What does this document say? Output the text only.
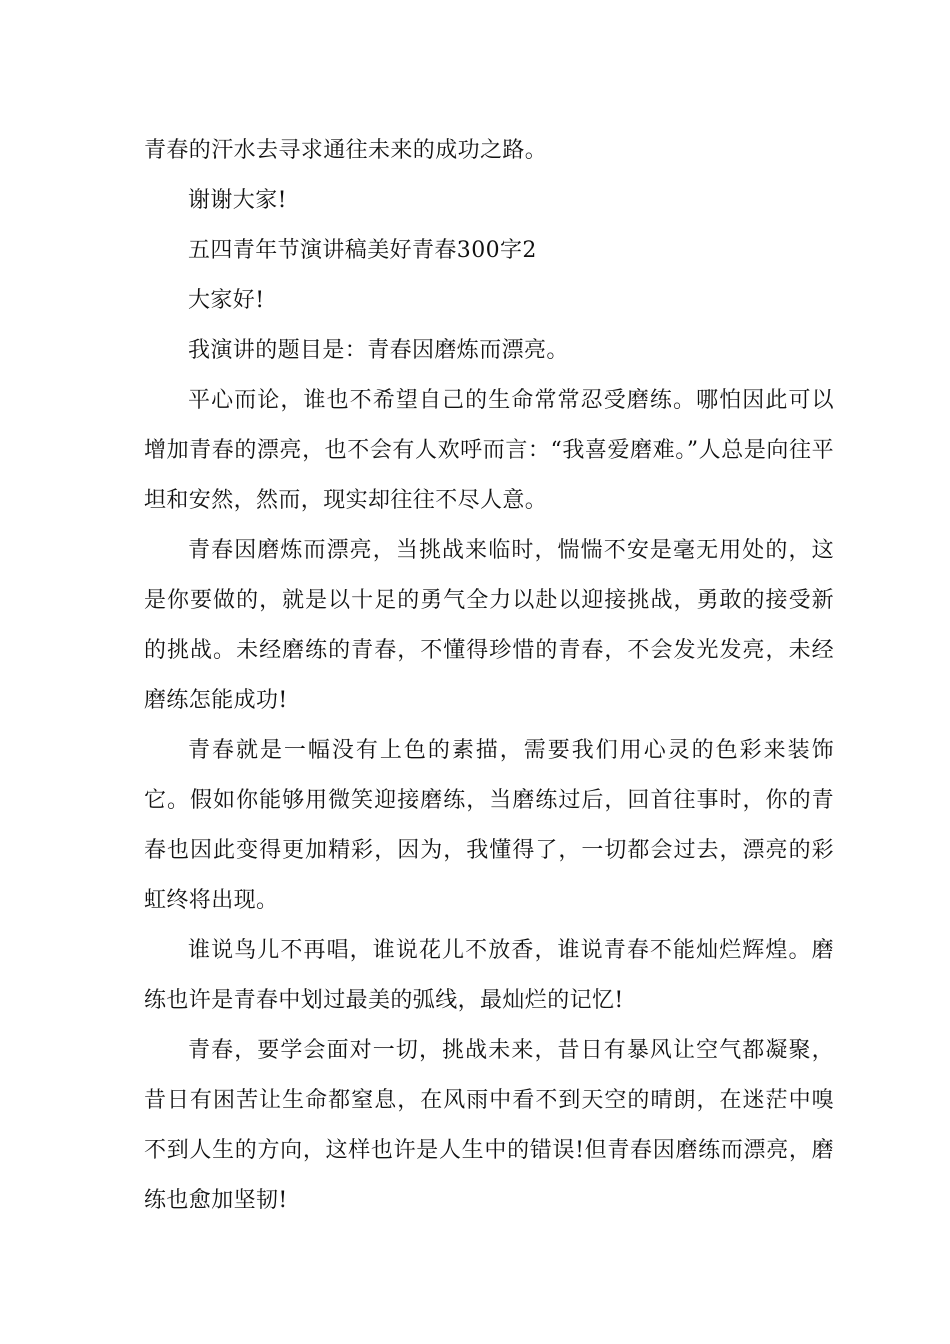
青春的汗水去寻求通往未来的成功之路。

谢谢大家!

五四青年节演讲稿美好青春300字2

大家好!

我演讲的题目是：青春因磨炼而漂亮。

平心而论，谁也不希望自己的生命常常忍受磨练。哪怕因此可以增加青春的漂亮，也不会有人欢呼而言：“我喜爱磨难。”人总是向往平坦和安然，然而，现实却往往不尽人意。

青春因磨炼而漂亮，当挑战来临时，惴惴不安是毫无用处的，这是你要做的，就是以十足的勇气全力以赴以迎接挑战，勇敢的接受新的挑战。未经磨练的青春，不懂得珍惜的青春，不会发光发亮，未经磨练怎能成功!

青春就是一幅没有上色的素描，需要我们用心灵的色彩来装饰它。假如你能够用微笑迎接磨练，当磨练过后，回首往事时，你的青春也因此变得更加精彩，因为，我懂得了，一切都会过去，漂亮的彩虹终将出现。

谁说鸟儿不再唱，谁说花儿不放香，谁说青春不能灿烂辉煌。磨练也许是青春中划过最美的弧线，最灿烂的记忆!

青春，要学会面对一切，挑战未来，昔日有暴风让空气都凝聚，昔日有困苦让生命都窒息，在风雨中看不到天空的晴朗，在迷茫中嗅不到人生的方向，这样也许是人生中的错误!但青春因磨练而漂亮，磨练也愈加坚韧!
